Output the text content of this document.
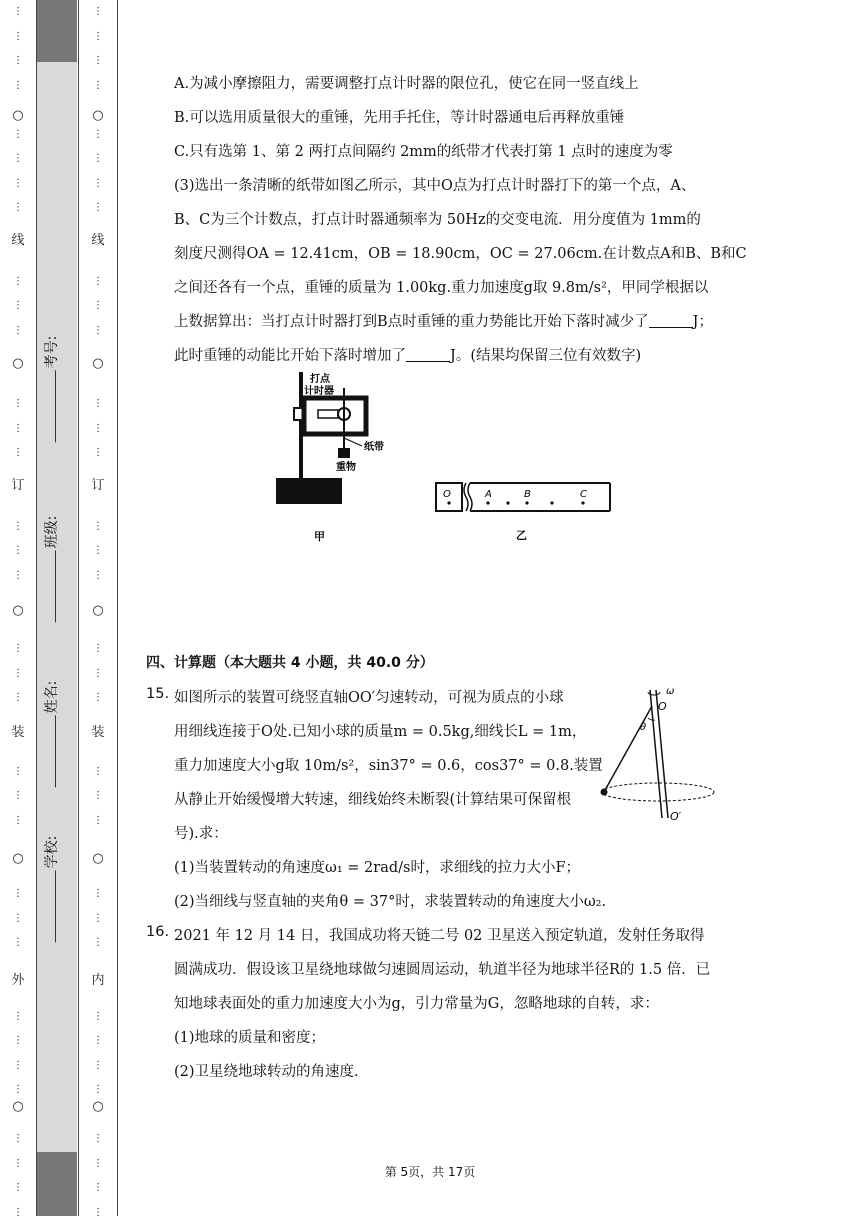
○
○
○
○
○
线
订
装
外
⋮
⋮
⋮
⋮
⋮
⋮
⋮
⋮
⋮
⋮
⋮
⋮
⋮
⋮
⋮
⋮
⋮
⋮
⋮
⋮
⋮
⋮
⋮
⋮
⋮
⋮
⋮
⋮
⋮
⋮
⋮
⋮
⋮
⋮
考号:
班级:
姓名:
学校:
○
○
○
○
○
线
订
装
内
⋮
⋮
⋮
⋮
⋮
⋮
⋮
⋮
⋮
⋮
⋮
⋮
⋮
⋮
⋮
⋮
⋮
⋮
⋮
⋮
⋮
⋮
⋮
⋮
⋮
⋮
⋮
⋮
⋮
⋮
⋮
⋮
⋮
⋮
A.为减小摩擦阻力，需要调整打点计时器的限位孔，使它在同一竖直线上
B.可以选用质量很大的重锤，先用手托住，等计时器通电后再释放重锤
C.只有选第 1、第 2 两打点间隔约 2mm的纸带才代表打第 1 点时的速度为零
(3)选出一条清晰的纸带如图乙所示，其中O点为打点计时器打下的第一个点，A、
B、C为三个计数点，打点计时器通频率为 50Hz的交变电流．用分度值为 1mm的
刻度尺测得OA = 12.41cm，OB = 18.90cm，OC = 27.06cm.在计数点A和B、B和C
之间还各有一个点，重锤的质量为 1.00kg.重力加速度g取 9.8m/s²，甲同学根据以
上数据算出：当打点计时器打到B点时重锤的重力势能比开始下落时减少了	J；
此时重锤的动能比开始下落时增加了	J。(结果均保留三位有效数字)
打点
计时器
纸带
重物
甲
O	A	B	C
乙
四、计算题（本大题共 4 小题，共 40.0 分）
15. 如图所示的装置可绕竖直轴OO′匀速转动，可视为质点的小球
用细线连接于O处.已知小球的质量m = 0.5kg,细线长L = 1m，
重力加速度大小g取 10m/s²，sin37° = 0.6，cos37° = 0.8.装置
从静止开始缓慢增大转速，细线始终未断裂(计算结果可保留根
号).求：
(1)当装置转动的角速度ω₁ = 2rad/s时，求细线的拉力大小F；
(2)当细线与竖直轴的夹角θ = 37°时，求装置转动的角速度大小ω₂.
16. 2021 年 12 月 14 日，我国成功将天链二号 02 卫星送入预定轨道，发射任务取得
圆满成功．假设该卫星绕地球做匀速圆周运动，轨道半径为地球半径R的 1.5 倍．已
知地球表面处的重力加速度大小为g，引力常量为G，忽略地球的自转，求：
(1)地球的质量和密度；
(2)卫星绕地球转动的角速度.
ω
O
θ
O′
第 5页，共 17页
